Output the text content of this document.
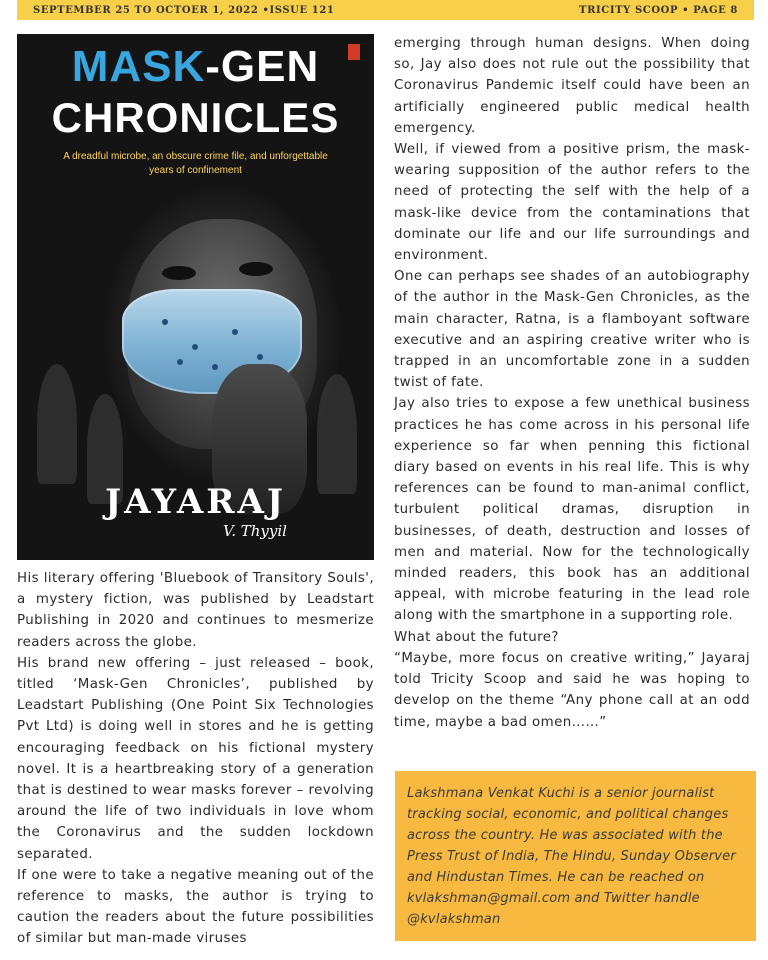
SEPTEMBER 25 TO OCTOER 1, 2022 •ISSUE 121	TRICITY SCOOP • PAGE 8
MASK-GEN
CHRONICLES
A dreadful microbe, an obscure crime file, and unforgettable years of confinement
JAYARAJ
V. Thyyil

His literary offering 'Bluebook of Transitory Souls', a mystery fiction, was published by Leadstart Publishing in 2020 and continues to mesmerize readers across the globe.

His brand new offering – just released – book, titled ‘Mask-Gen Chronicles’, published by Leadstart Publishing (One Point Six Technologies Pvt Ltd) is doing well in stores and he is getting encouraging feedback on his fictional mystery novel. It is a heartbreaking story of a generation that is destined to wear masks forever – revolving around the life of two individuals in love whom the Coronavirus and the sudden lockdown separated.

If one were to take a negative meaning out of the reference to masks, the author is trying to caution the readers about the future possibilities of similar but man-made viruses

emerging through human designs. When doing so, Jay also does not rule out the possibility that Coronavirus Pandemic itself could have been an artificially engineered public medical health emergency.

Well, if viewed from a positive prism, the mask-wearing supposition of the author refers to the need of protecting the self with the help of a mask-like device from the contaminations that dominate our life and our life surroundings and environment.

One can perhaps see shades of an autobiography of the author in the Mask-Gen Chronicles, as the main character, Ratna, is a flamboyant software executive and an aspiring creative writer who is trapped in an uncomfortable zone in a sudden twist of fate.

Jay also tries to expose a few unethical business practices he has come across in his personal life experience so far when penning this fictional diary based on events in his real life. This is why references can be found to man-animal conflict, turbulent political dramas, disruption in businesses, of death, destruction and losses of men and material. Now for the technologically minded readers, this book has an additional appeal, with microbe featuring in the lead role along with the smartphone in a supporting role.

What about the future?

“Maybe, more focus on creative writing,” Jayaraj told Tricity Scoop and said he was hoping to develop on the theme “Any phone call at an odd time, maybe a bad omen……”

Lakshmana Venkat Kuchi is a senior journalist tracking social, economic, and political changes across the country. He was associated with the Press Trust of India, The Hindu, Sunday Observer and Hindustan Times. He can be reached on kvlakshman@gmail.com and Twitter handle @kvlakshman
